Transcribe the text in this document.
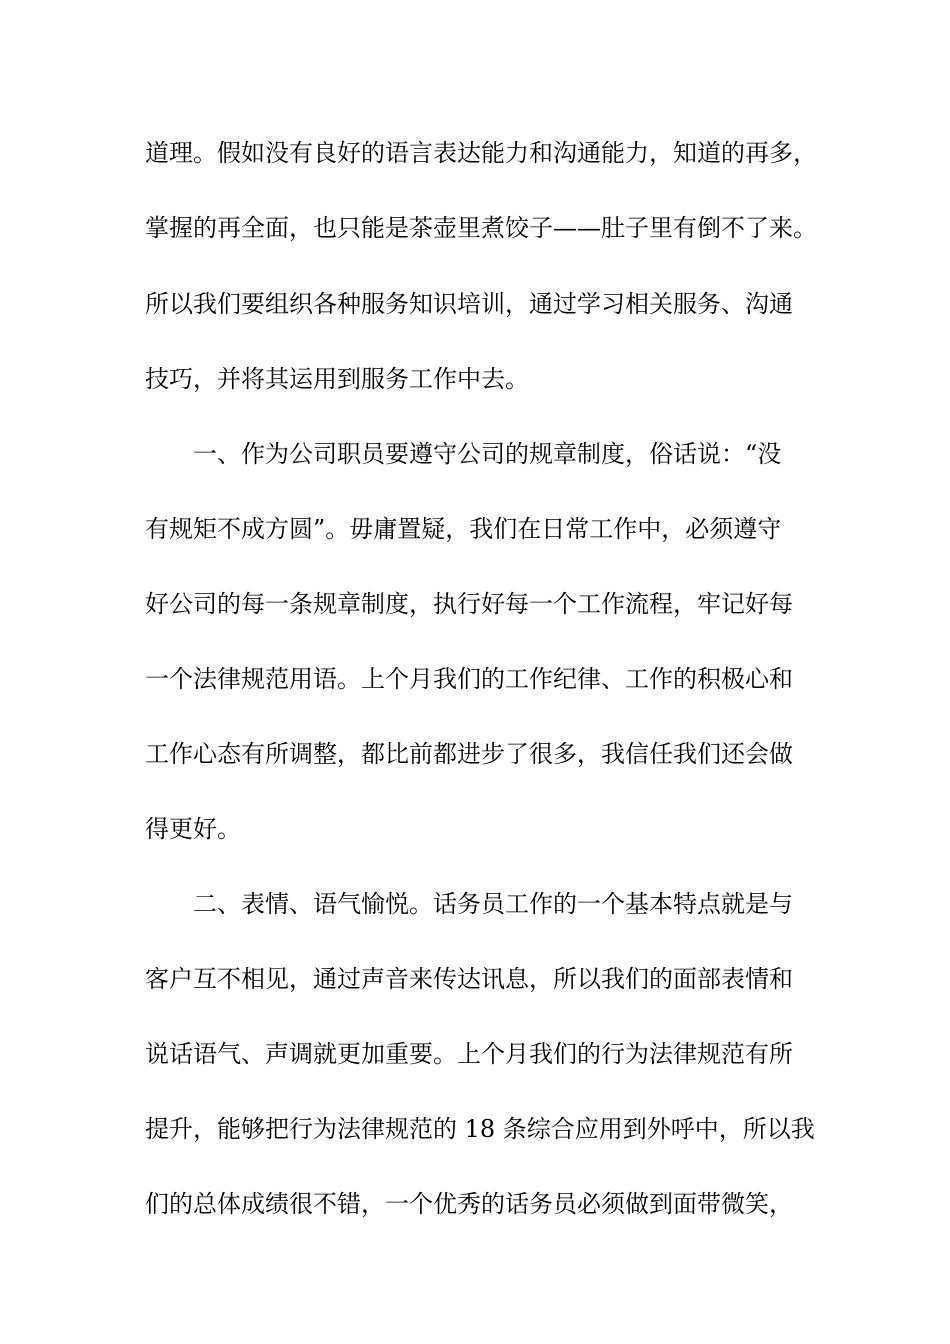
道理。假如没有良好的语言表达能力和沟通能力，知道的再多，
掌握的再全面，也只能是茶壶里煮饺子——肚子里有倒不了来。
所以我们要组织各种服务知识培训，通过学习相关服务、沟通
技巧，并将其运用到服务工作中去。
一、作为公司职员要遵守公司的规章制度，俗话说：“没
有规矩不成方圆”。毋庸置疑，我们在日常工作中，必须遵守
好公司的每一条规章制度，执行好每一个工作流程，牢记好每
一个法律规范用语。上个月我们的工作纪律、工作的积极心和
工作心态有所调整，都比前都进步了很多，我信任我们还会做
得更好。
二、表情、语气愉悦。话务员工作的一个基本特点就是与
客户互不相见，通过声音来传达讯息，所以我们的面部表情和
说话语气、声调就更加重要。上个月我们的行为法律规范有所
提升，能够把行为法律规范的 18 条综合应用到外呼中，所以我
们的总体成绩很不错，一个优秀的话务员必须做到面带微笑，
